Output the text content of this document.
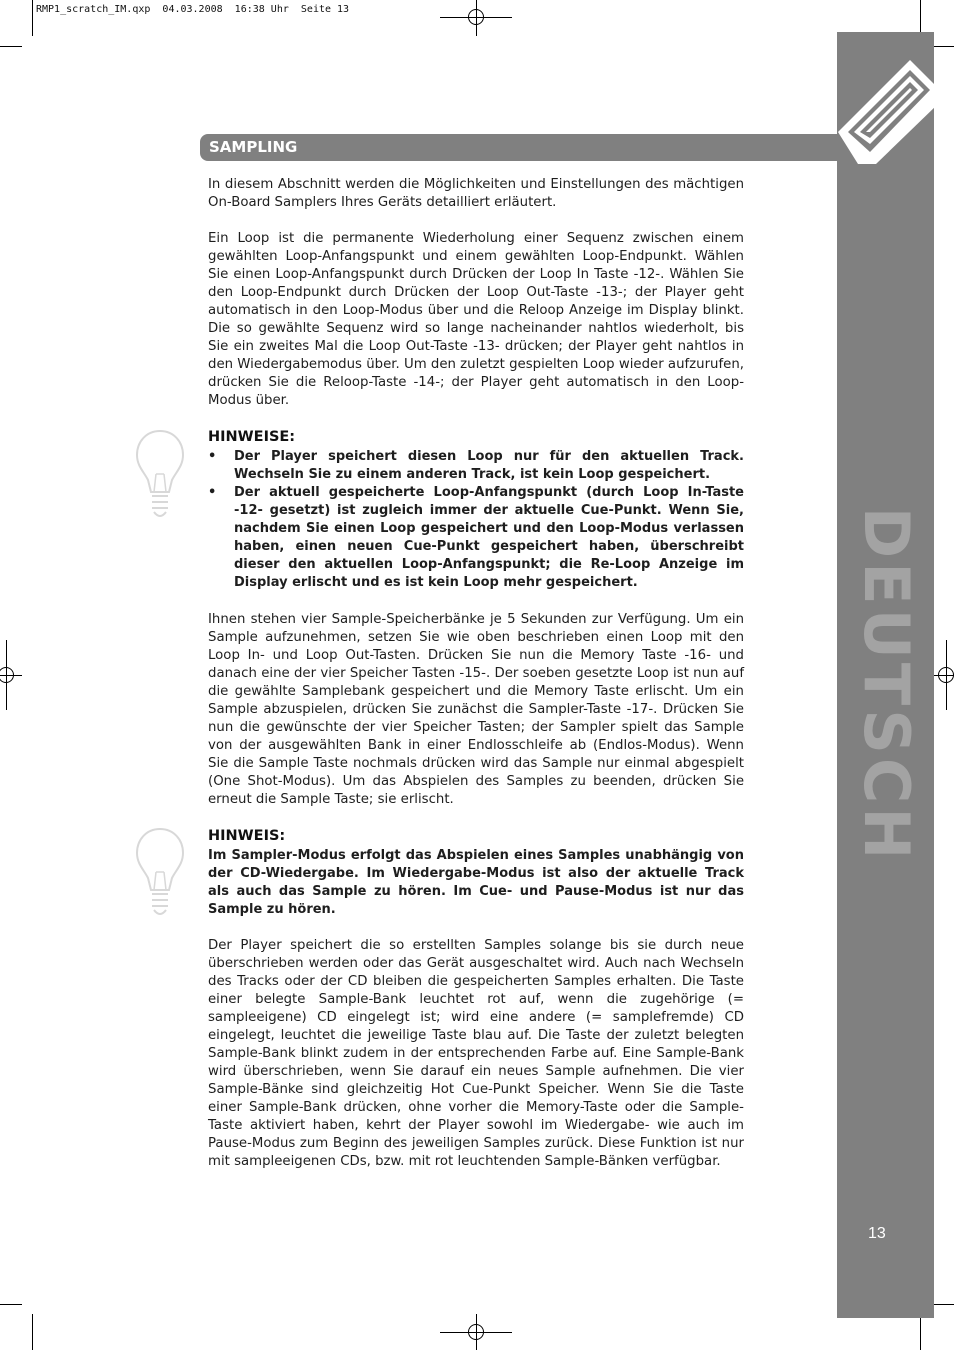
RMP1_scratch_IM.qxp  04.03.2008  16:38 Uhr  Seite 13
DEUTSCH
13
SAMPLING

In diesem Abschnitt werden die Möglichkeiten und Einstellungen des mächtigen On-Board Samplers Ihres Geräts detailliert erläutert.

Ein Loop ist die permanente Wiederholung einer Sequenz zwischen einem gewählten Loop-Anfangspunkt und einem gewählten Loop-Endpunkt. Wählen Sie einen Loop-Anfangspunkt durch Drücken der Loop In Taste -12-. Wählen Sie den Loop-Endpunkt durch Drücken der Loop Out-Taste -13-; der Player geht automatisch in den Loop-Modus über und die Reloop Anzeige im Display blinkt. Die so gewählte Sequenz wird so lange nacheinander nahtlos wiederholt, bis Sie ein zweites Mal die Loop Out-Taste -13- drücken; der Player geht nahtlos in den Wiedergabemodus über. Um den zuletzt gespielten Loop wieder aufzurufen, drücken Sie die Reloop-Taste -14-; der Player geht automatisch in den Loop-Modus über.

HINWEISE:
• Der Player speichert diesen Loop nur für den aktuellen Track. Wechseln Sie zu einem anderen Track, ist kein Loop gespeichert.
• Der aktuell gespeicherte Loop-Anfangspunkt (durch Loop In-Taste -12- gesetzt) ist zugleich immer der aktuelle Cue-Punkt. Wenn Sie, nachdem Sie einen Loop gespeichert und den Loop-Modus verlassen haben, einen neuen Cue-Punkt gespeichert haben, überschreibt dieser den aktuellen Loop-Anfangspunkt; die Re-Loop Anzeige im Display erlischt und es ist kein Loop mehr gespeichert.

Ihnen stehen vier Sample-Speicherbänke je 5 Sekunden zur Verfügung. Um ein Sample aufzunehmen, setzen Sie wie oben beschrieben einen Loop mit den Loop In- und Loop Out-Tasten. Drücken Sie nun die Memory Taste -16- und danach eine der vier Speicher Tasten -15-. Der soeben gesetzte Loop ist nun auf die gewählte Samplebank gespeichert und die Memory Taste erlischt. Um ein Sample abzuspielen, drücken Sie zunächst die Sampler-Taste -17-. Drücken Sie nun die gewünschte der vier Speicher Tasten; der Sampler spielt das Sample von der ausgewählten Bank in einer Endlosschleife ab (Endlos-Modus). Wenn Sie die Sample Taste nochmals drücken wird das Sample nur einmal abgespielt (One Shot-Modus). Um das Abspielen des Samples zu beenden, drücken Sie erneut die Sample Taste; sie erlischt.

HINWEIS:

Im Sampler-Modus erfolgt das Abspielen eines Samples unabhängig von der CD-Wiedergabe. Im Wiedergabe-Modus ist also der aktuelle Track als auch das Sample zu hören. Im Cue- und Pause-Modus ist nur das Sample zu hören.

Der Player speichert die so erstellten Samples solange bis sie durch neue überschrieben werden oder das Gerät ausgeschaltet wird. Auch nach Wechseln des Tracks oder der CD bleiben die gespeicherten Samples erhalten. Die Taste einer belegte Sample-Bank leuchtet rot auf, wenn die zugehörige (= sampleeigene) CD eingelegt ist; wird eine andere (= samplefremde) CD eingelegt, leuchtet die jeweilige Taste blau auf. Die Taste der zuletzt belegten Sample-Bank blinkt zudem in der entsprechenden Farbe auf. Eine Sample-Bank wird überschrieben, wenn Sie darauf ein neues Sample aufnehmen. Die vier Sample-Bänke sind gleichzeitig Hot Cue-Punkt Speicher. Wenn Sie die Taste einer Sample-Bank drücken, ohne vorher die Memory-Taste oder die Sample-Taste aktiviert haben, kehrt der Player sowohl im Wiedergabe- wie auch im Pause-Modus zum Beginn des jeweiligen Samples zurück. Diese Funktion ist nur mit sampleeigenen CDs, bzw. mit rot leuchtenden Sample-Bänken verfügbar.
